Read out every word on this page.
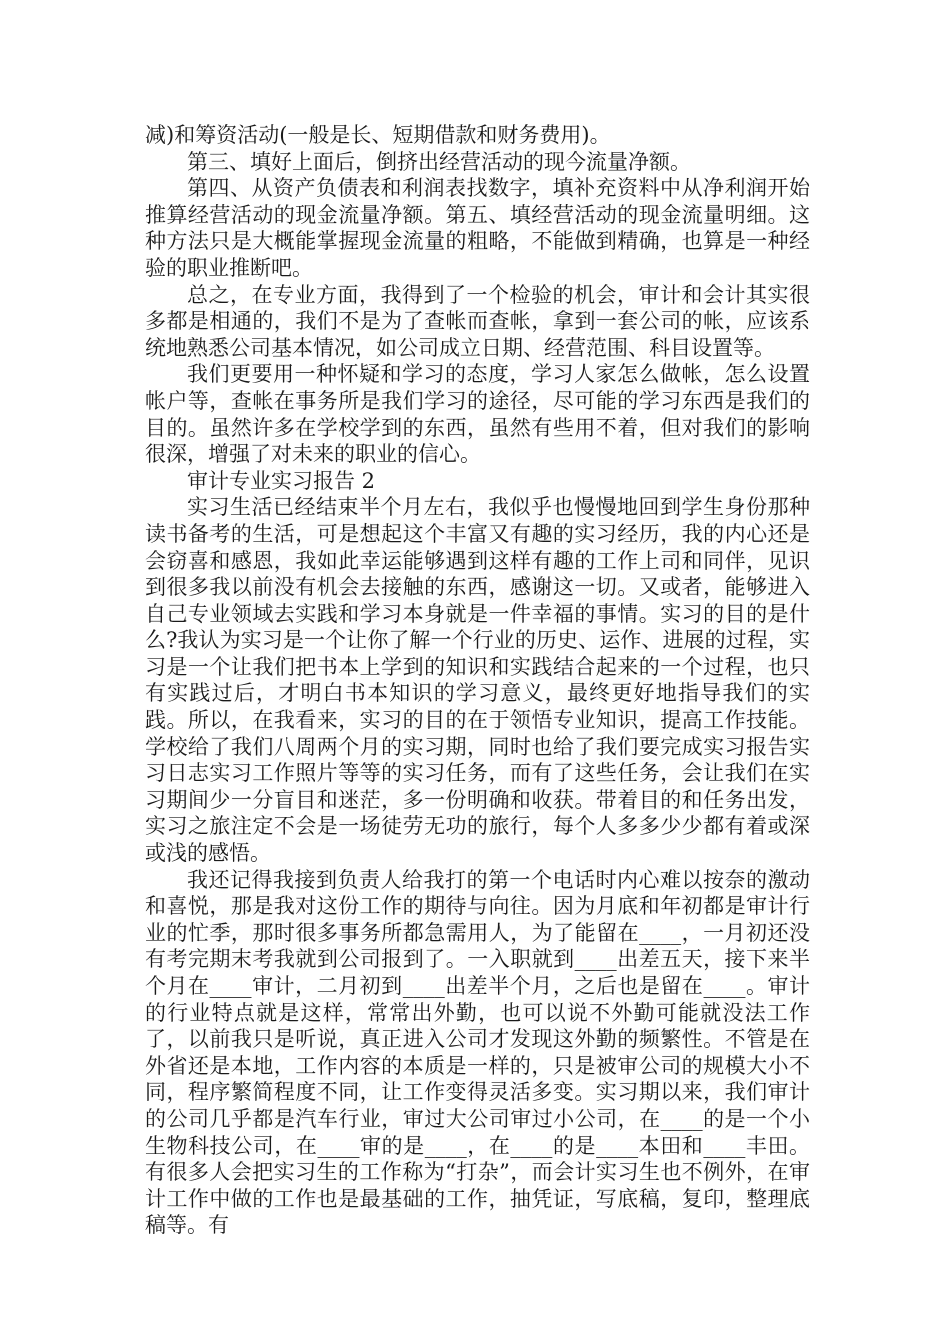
减)和筹资活动(一般是长、短期借款和财务费用)。

第三、填好上面后，倒挤出经营活动的现今流量净额。

第四、从资产负债表和利润表找数字，填补充资料中从净利润开始推算经营活动的现金流量净额。第五、填经营活动的现金流量明细。这种方法只是大概能掌握现金流量的粗略，不能做到精确，也算是一种经验的职业推断吧。

总之，在专业方面，我得到了一个检验的机会，审计和会计其实很多都是相通的，我们不是为了查帐而查帐，拿到一套公司的帐，应该系统地熟悉公司基本情况，如公司成立日期、经营范围、科目设置等。

我们更要用一种怀疑和学习的态度，学习人家怎么做帐，怎么设置帐户等，查帐在事务所是我们学习的途径，尽可能的学习东西是我们的目的。虽然许多在学校学到的东西，虽然有些用不着，但对我们的影响很深，增强了对未来的职业的信心。

审计专业实习报告 2

实习生活已经结束半个月左右，我似乎也慢慢地回到学生身份那种读书备考的生活，可是想起这个丰富又有趣的实习经历，我的内心还是会窃喜和感恩，我如此幸运能够遇到这样有趣的工作上司和同伴，见识到很多我以前没有机会去接触的东西，感谢这一切。又或者，能够进入自己专业领域去实践和学习本身就是一件幸福的事情。实习的目的是什么?我认为实习是一个让你了解一个行业的历史、运作、进展的过程，实习是一个让我们把书本上学到的知识和实践结合起来的一个过程，也只有实践过后，才明白书本知识的学习意义，最终更好地指导我们的实践。所以，在我看来，实习的目的在于领悟专业知识，提高工作技能。学校给了我们八周两个月的实习期，同时也给了我们要完成实习报告实习日志实习工作照片等等的实习任务，而有了这些任务，会让我们在实习期间少一分盲目和迷茫，多一份明确和收获。带着目的和任务出发，实习之旅注定不会是一场徒劳无功的旅行，每个人多多少少都有着或深或浅的感悟。

我还记得我接到负责人给我打的第一个电话时内心难以按奈的激动和喜悦，那是我对这份工作的期待与向往。因为月底和年初都是审计行业的忙季，那时很多事务所都急需用人，为了能留在____，一月初还没有考完期末考我就到公司报到了。一入职就到____出差五天，接下来半个月在____审计，二月初到____出差半个月，之后也是留在____。审计的行业特点就是这样，常常出外勤，也可以说不外勤可能就没法工作了，以前我只是听说，真正进入公司才发现这外勤的频繁性。不管是在外省还是本地，工作内容的本质是一样的，只是被审公司的规模大小不同，程序繁简程度不同，让工作变得灵活多变。实习期以来，我们审计的公司几乎都是汽车行业，审过大公司审过小公司，在____的是一个小生物科技公司，在____审的是____，在____的是____本田和____丰田。有很多人会把实习生的工作称为“打杂”，而会计实习生也不例外，在审计工作中做的工作也是最基础的工作，抽凭证，写底稿，复印，整理底稿等。有
